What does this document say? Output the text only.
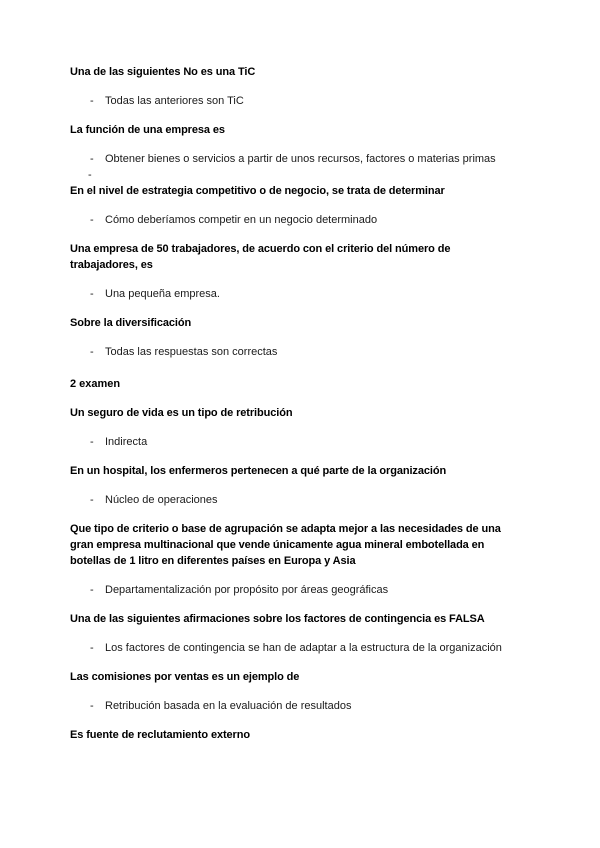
Una de las siguientes No es una TiC
-	Todas las anteriores son TiC
La función de una empresa es
-	Obtener bienes o servicios a partir de unos recursos, factores o materias primas
-
En el nivel de estrategia competitivo o de negocio, se trata de determinar
-	Cómo deberíamos competir en un negocio determinado
Una empresa de 50 trabajadores, de acuerdo con el criterio del número de
trabajadores, es
-	Una pequeña empresa.
Sobre la diversificación
-	Todas las respuestas son correctas
2 examen
Un seguro de vida es un tipo de retribución
-	Indirecta
En un hospital, los enfermeros pertenecen a qué parte de la organización
-	Núcleo de operaciones
Que tipo de criterio o base de agrupación se adapta mejor a las necesidades de una
gran empresa multinacional que vende únicamente agua mineral embotellada en
botellas de 1 litro en diferentes países en Europa y Asia
-	Departamentalización por propósito por áreas geográficas
Una de las siguientes afirmaciones sobre los factores de contingencia es FALSA
-	Los factores de contingencia se han de adaptar a la estructura de la organización
Las comisiones por ventas es un ejemplo de
-	Retribución basada en la evaluación de resultados
Es fuente de reclutamiento externo
